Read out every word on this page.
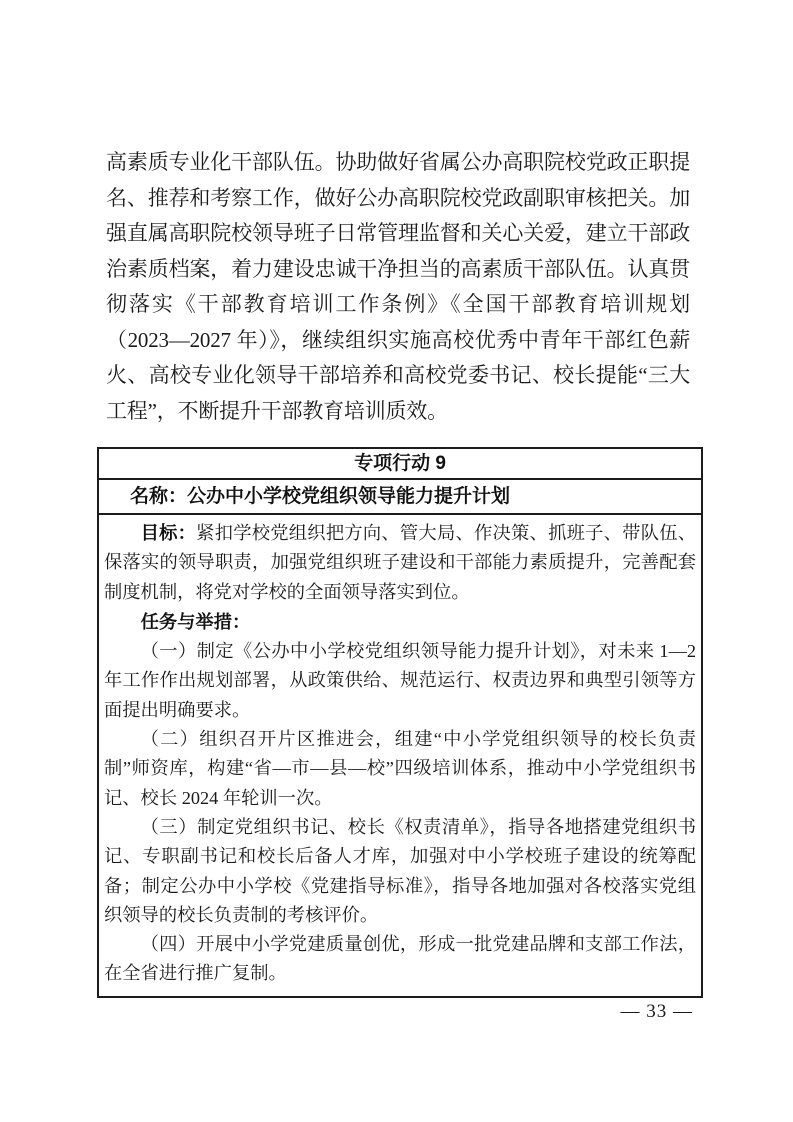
高素质专业化干部队伍。协助做好省属公办高职院校党政正职提名、推荐和考察工作，做好公办高职院校党政副职审核把关。加强直属高职院校领导班子日常管理监督和关心关爱，建立干部政治素质档案，着力建设忠诚干净担当的高素质干部队伍。认真贯彻落实《干部教育培训工作条例》《全国干部教育培训规划（2023—2027 年）》，继续组织实施高校优秀中青年干部红色薪火、高校专业化领导干部培养和高校党委书记、校长提能“三大工程”，不断提升干部教育培训质效。
专项行动 9
名称：公办中小学校党组织领导能力提升计划

目标：紧扣学校党组织把方向、管大局、作决策、抓班子、带队伍、保落实的领导职责，加强党组织班子建设和干部能力素质提升，完善配套制度机制，将党对学校的全面领导落实到位。

任务与举措：

（一）制定《公办中小学校党组织领导能力提升计划》，对未来 1—2 年工作作出规划部署，从政策供给、规范运行、权责边界和典型引领等方面提出明确要求。

（二）组织召开片区推进会，组建“中小学党组织领导的校长负责制”师资库，构建“省—市—县—校”四级培训体系，推动中小学党组织书记、校长 2024 年轮训一次。

（三）制定党组织书记、校长《权责清单》，指导各地搭建党组织书记、专职副书记和校长后备人才库，加强对中小学校班子建设的统筹配备；制定公办中小学校《党建指导标准》，指导各地加强对各校落实党组织领导的校长负责制的考核评价。

（四）开展中小学党建质量创优，形成一批党建品牌和支部工作法，在全省进行推广复制。

— 33 —
